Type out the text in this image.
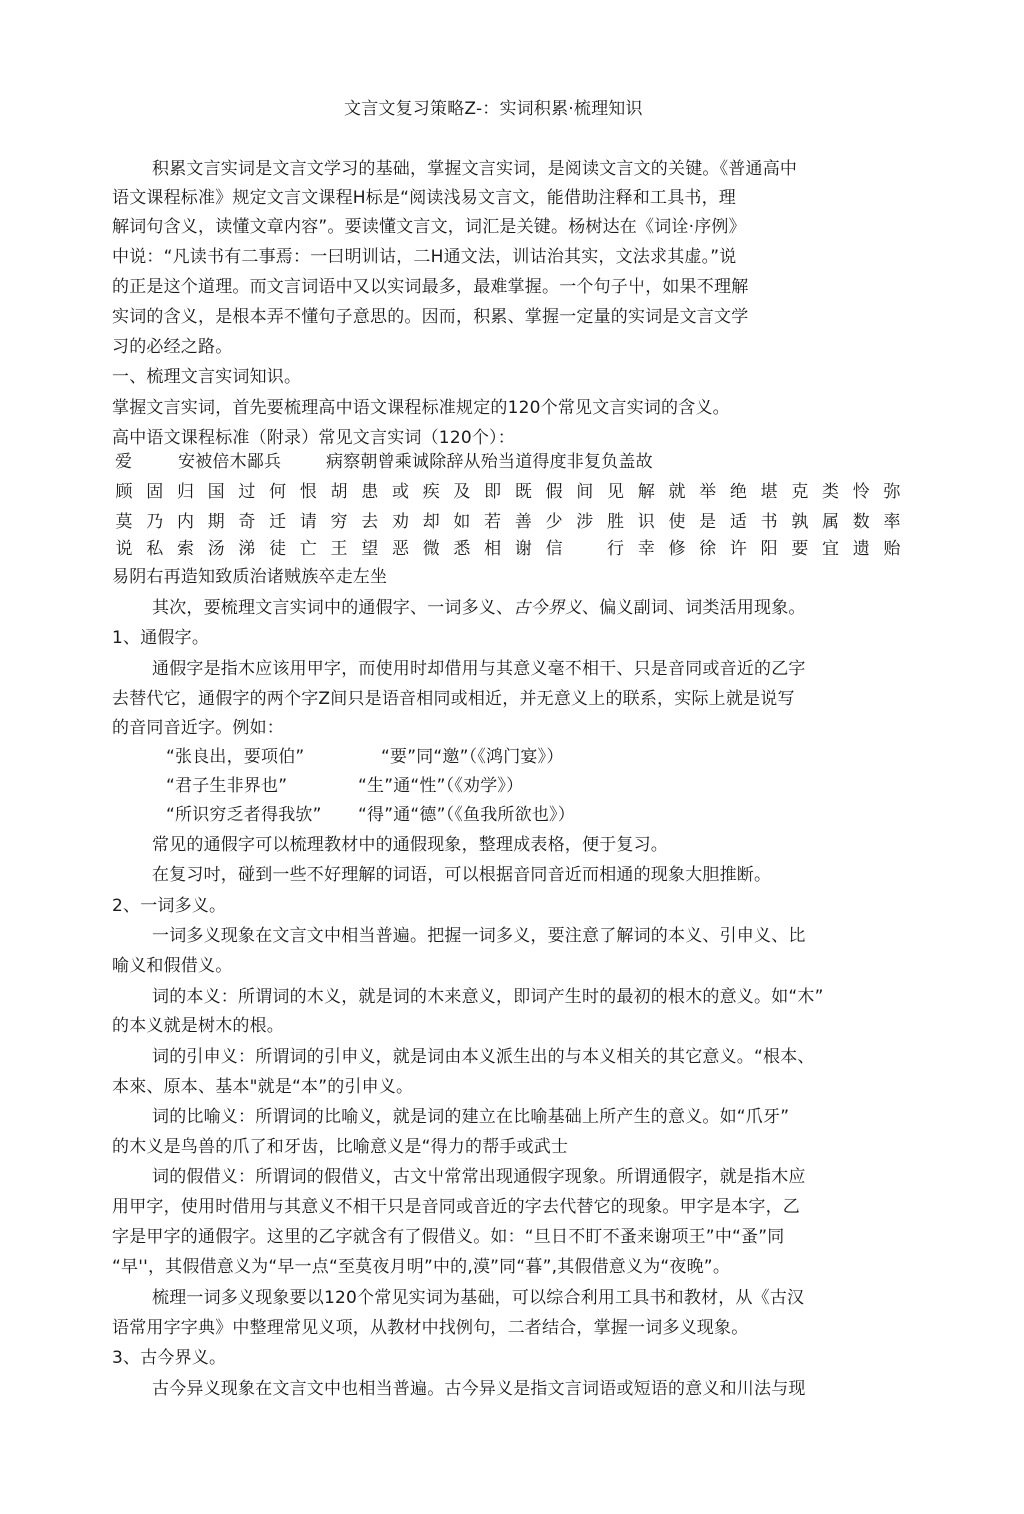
文言文复习策略Z-：实词积累·梳理知识
积累文言实词是文言文学习的基础，掌握文言实词，是阅读文言文的关键。《普通高中
语文课程标准》规定文言文课程H标是“阅读浅易文言文，能借助注释和工具书，理
解词句含义，读懂文章内容”。要读懂文言文，词汇是关键。杨树达在《词诠·序例》
中说：“凡读书有二事焉：一曰明训诂，二H通文法，训诂治其实，文法求其虚。”说
的正是这个道理。而文言词语中又以实词最多，最难掌握。一个句子屮，如果不理解
实词的含义，是根本弄不懂句子意思的。因而，积累、掌握一定量的实词是文言文学
习的必经之路。
一、梳理文言实词知识。
掌握文言实词，首先要梳理高中语文课程标准规定的120个常见文言实词的含义。
高中语文课程标准（附录）常见文言实词（120个）：
爱	安被倍木鄙兵	病察朝曾乘诚除辞从殆当道得度非复负盖故
顾 固 归 国 过 何 恨 胡 患 或 疾 及 即 既 假 间 见 解 就 举 绝 堪 克 类 怜 弥
莫 乃 内 期 奇 迁 请 穷 去 劝 却 如 若 善 少 涉 胜 识 使 是 适 书 孰 属 数 率
说 私 索 汤 涕 徒 亡 王 望 恶 微 悉 相 谢 信	行 幸 修 徐 许 阳 要 宜 遗 贻
易阴右再造知致质治诸贼族卒走左坐
其次，要梳理文言实词中的通假字、一词多义、古今界义、偏义副词、词类活用现象。
1、通假字。
通假字是指木应该用甲字，而使用时却借用与其意义毫不相干、只是音同或音近的乙字
去替代它，通假字的两个字Z间只是语音相同或相近，并无意义上的联系，实际上就是说写
的音同音近字。例如：
“张良出，要项伯”	“要”同“邀”（《鸿门宴》）
“君子生非界也”	“生”通“性”（《劝学》）
“所识穷乏者得我欤” “得”通“德”（《鱼我所欲也》）
常见的通假字可以梳理教材中的通假现象，整理成表格，便于复习。
在复习吋，碰到一些不好理解的词语，可以根据音同音近而相通的现象大胆推断。
2、一词多义。
一词多义现象在文言文中相当普遍。把握一词多义，要注意了解词的本义、引申义、比
喻义和假借义。
词的本义：所谓词的木义，就是词的木来意义，即词产生时的最初的根木的意义。如“木”
的本义就是树木的根。
词的引申义：所谓词的引申义，就是词由本义派生出的与本义相关的其它意义。“根本、
本來、原本、基本"就是“本”的引申义。
词的比喻义：所谓词的比喻义，就是词的建立在比喻基础上所产生的意义。如“爪牙”
的木义是鸟兽的爪了和牙齿，比喻意义是“得力的帮手或武士
词的假借义：所谓词的假借义，古文屮常常出现通假字现象。所谓通假字，就是指木应
用甲字，使用时借用与其意义不相干只是音同或音近的字去代替它的现象。甲字是本字，乙
字是甲字的通假字。这里的乙字就含有了假借义。如：“旦日不盯不蚤来谢项王”中“蚤”同
“早''，其假借意义为“早一点“至莫夜月明”中的,漠”同“暮”,其假借意义为“夜晚”。
梳理一词多义现象要以120个常见实词为基础，可以综合利用工具书和教材，从《古汉
语常用字字典》中整理常见义项，从教材中找例句，二者结合，掌握一词多义现象。
3、古今界义。
古今异义现象在文言文中也相当普遍。古今异义是指文言词语或短语的意义和川法与现
